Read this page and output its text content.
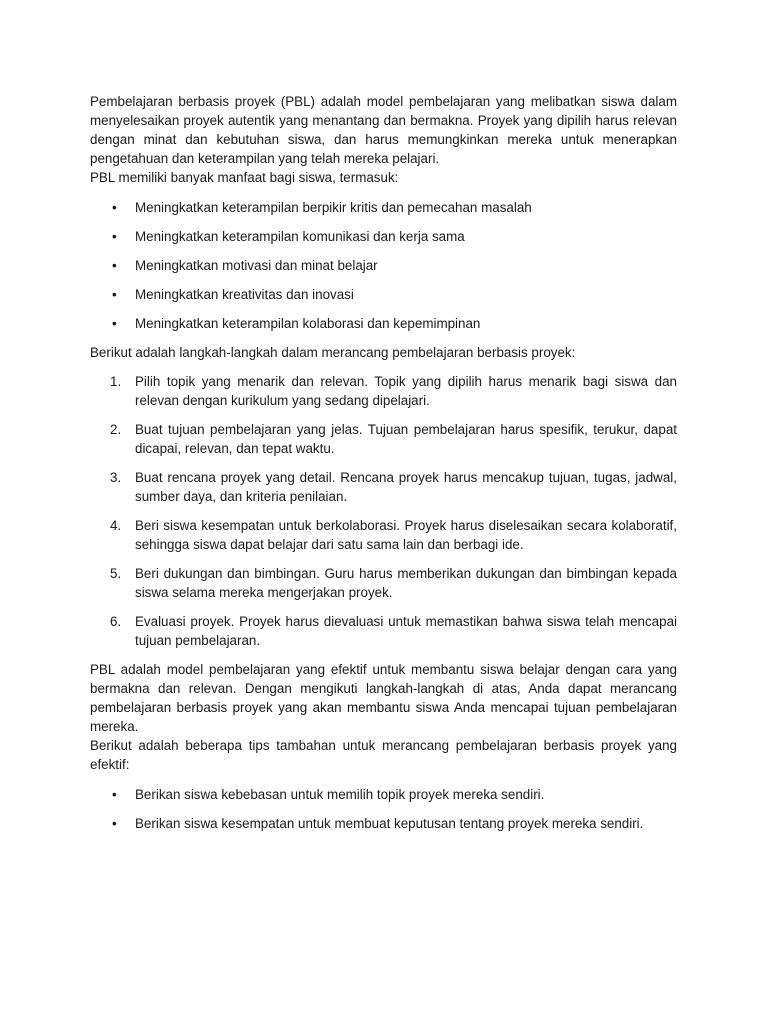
Pembelajaran berbasis proyek (PBL) adalah model pembelajaran yang melibatkan siswa dalam menyelesaikan proyek autentik yang menantang dan bermakna. Proyek yang dipilih harus relevan dengan minat dan kebutuhan siswa, dan harus memungkinkan mereka untuk menerapkan pengetahuan dan keterampilan yang telah mereka pelajari.

PBL memiliki banyak manfaat bagi siswa, termasuk:

• Meningkatkan keterampilan berpikir kritis dan pemecahan masalah
• Meningkatkan keterampilan komunikasi dan kerja sama
• Meningkatkan motivasi dan minat belajar
• Meningkatkan kreativitas dan inovasi
• Meningkatkan keterampilan kolaborasi dan kepemimpinan

Berikut adalah langkah-langkah dalam merancang pembelajaran berbasis proyek:

1. Pilih topik yang menarik dan relevan. Topik yang dipilih harus menarik bagi siswa dan relevan dengan kurikulum yang sedang dipelajari.
2. Buat tujuan pembelajaran yang jelas. Tujuan pembelajaran harus spesifik, terukur, dapat dicapai, relevan, dan tepat waktu.
3. Buat rencana proyek yang detail. Rencana proyek harus mencakup tujuan, tugas, jadwal, sumber daya, dan kriteria penilaian.
4. Beri siswa kesempatan untuk berkolaborasi. Proyek harus diselesaikan secara kolaboratif, sehingga siswa dapat belajar dari satu sama lain dan berbagi ide.
5. Beri dukungan dan bimbingan. Guru harus memberikan dukungan dan bimbingan kepada siswa selama mereka mengerjakan proyek.
6. Evaluasi proyek. Proyek harus dievaluasi untuk memastikan bahwa siswa telah mencapai tujuan pembelajaran.

PBL adalah model pembelajaran yang efektif untuk membantu siswa belajar dengan cara yang bermakna dan relevan. Dengan mengikuti langkah-langkah di atas, Anda dapat merancang pembelajaran berbasis proyek yang akan membantu siswa Anda mencapai tujuan pembelajaran mereka.

Berikut adalah beberapa tips tambahan untuk merancang pembelajaran berbasis proyek yang efektif:

• Berikan siswa kebebasan untuk memilih topik proyek mereka sendiri.
• Berikan siswa kesempatan untuk membuat keputusan tentang proyek mereka sendiri.
